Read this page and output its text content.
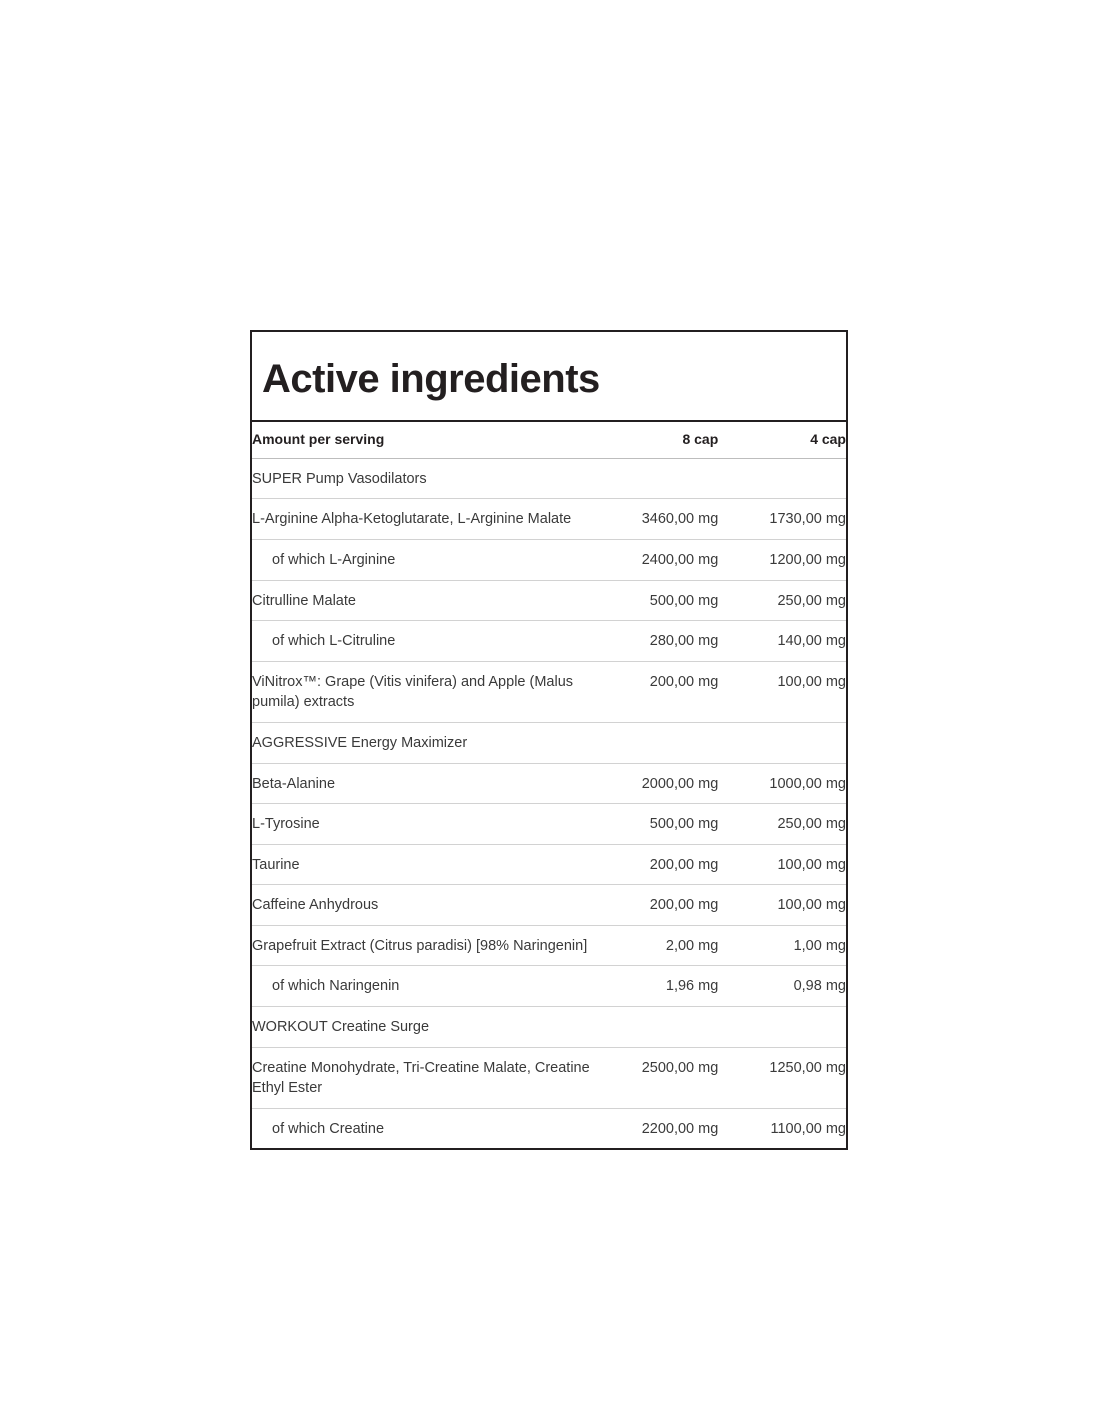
Active ingredients
Amount per serving	8 cap	4 cap
SUPER Pump Vasodilators		
L-Arginine Alpha-Ketoglutarate, L-Arginine Malate	3460,00 mg	1730,00 mg
of which L-Arginine	2400,00 mg	1200,00 mg
Citrulline Malate	500,00 mg	250,00 mg
of which L-Citruline	280,00 mg	140,00 mg
ViNitrox™: Grape (Vitis vinifera) and Apple (Malus pumila) extracts	200,00 mg	100,00 mg
AGGRESSIVE Energy Maximizer		
Beta-Alanine	2000,00 mg	1000,00 mg
L-Tyrosine	500,00 mg	250,00 mg
Taurine	200,00 mg	100,00 mg
Caffeine Anhydrous	200,00 mg	100,00 mg
Grapefruit Extract (Citrus paradisi) [98% Naringenin]	2,00 mg	1,00 mg
of which Naringenin	1,96 mg	0,98 mg
WORKOUT Creatine Surge		
Creatine Monohydrate, Tri-Creatine Malate, Creatine Ethyl Ester	2500,00 mg	1250,00 mg
of which Creatine	2200,00 mg	1100,00 mg
